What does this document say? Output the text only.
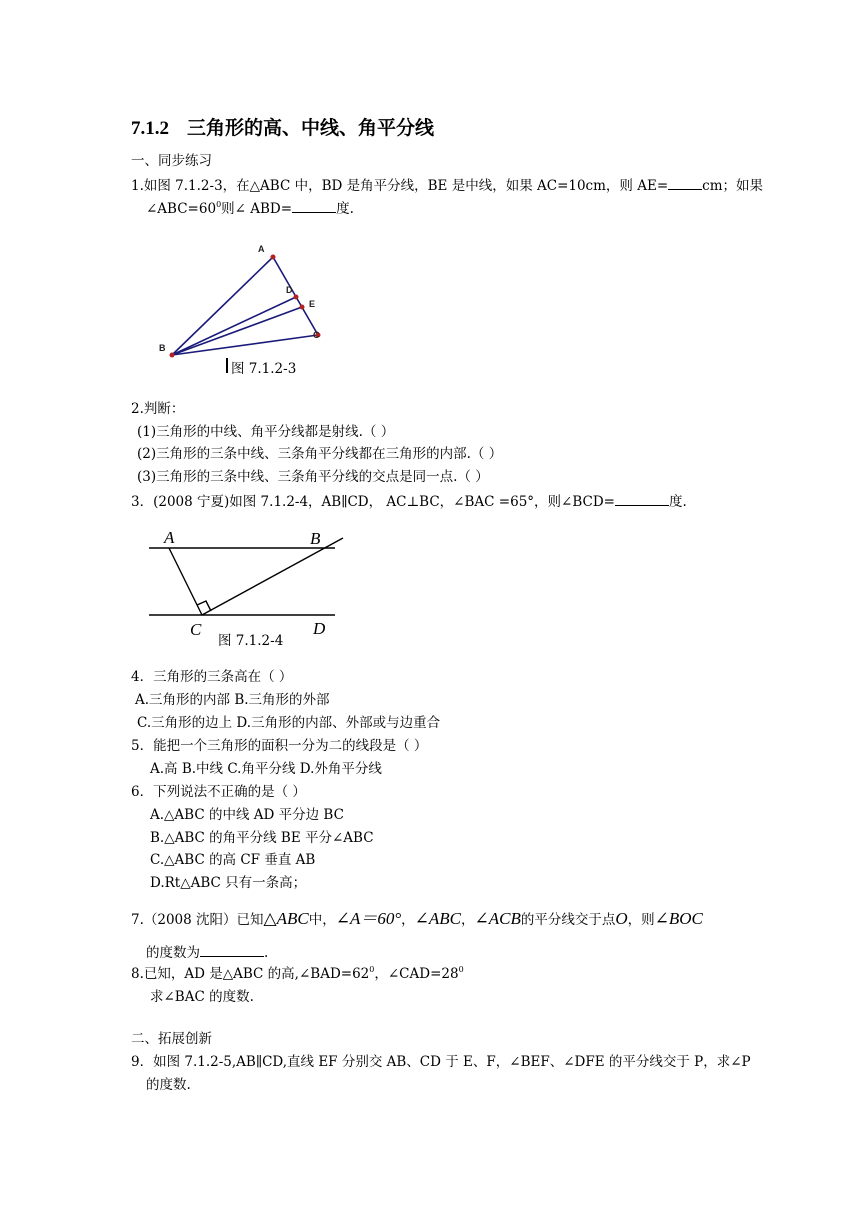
7.1.2 三角形的高、中线、角平分线
一、同步练习
1.如图 7.1.2-3，在△ABC 中，BD 是角平分线，BE 是中线，如果 AC=10cm，则 AE=	cm；如果
$\angle ABC=60^0$则∠ ABD=	度.
A
D
E
C
B
图 7.1.2-3
2.判断：
(1)三角形的中线、角平分线都是射线.（ ）
(2)三角形的三条中线、三条角平分线都在三角形的内部.（ ）
(3)三角形的三条中线、三条角平分线的交点是同一点.（ ）
3．(2008 宁夏)如图 7.1.2-4，AB∥CD， AC⊥BC，∠BAC =65°，则∠BCD=	度.
A	B
C	D
图 7.1.2-4
4．三角形的三条高在（ ）
A.三角形的内部 B.三角形的外部
C.三角形的边上 D.三角形的内部、外部或与边重合
5．能把一个三角形的面积一分为二的线段是（ ）
A.高 B.中线 C.角平分线 D.外角平分线
6．下列说法不正确的是（ ）
A.△ABC 的中线 AD 平分边 BC
B.△ABC 的角平分线 BE 平分∠ABC
C.△ABC 的高 CF 垂直 AB
D.Rt△ABC 只有一条高；
7.（2008 沈阳）已知△ABC中，∠A＝60°，∠ABC，∠ACB的平分线交于点O，则∠BOC
的度数为	.
8.已知，AD 是△ABC 的高$,\angle BAD=62^0$，$\angle CAD=28^0$
求∠BAC 的度数.
二、拓展创新
9．如图 7.1.2-5,AB∥CD,直线 EF 分别交 AB、CD 于 E、F，∠BEF、∠DFE 的平分线交于 P，求∠P
的度数.
